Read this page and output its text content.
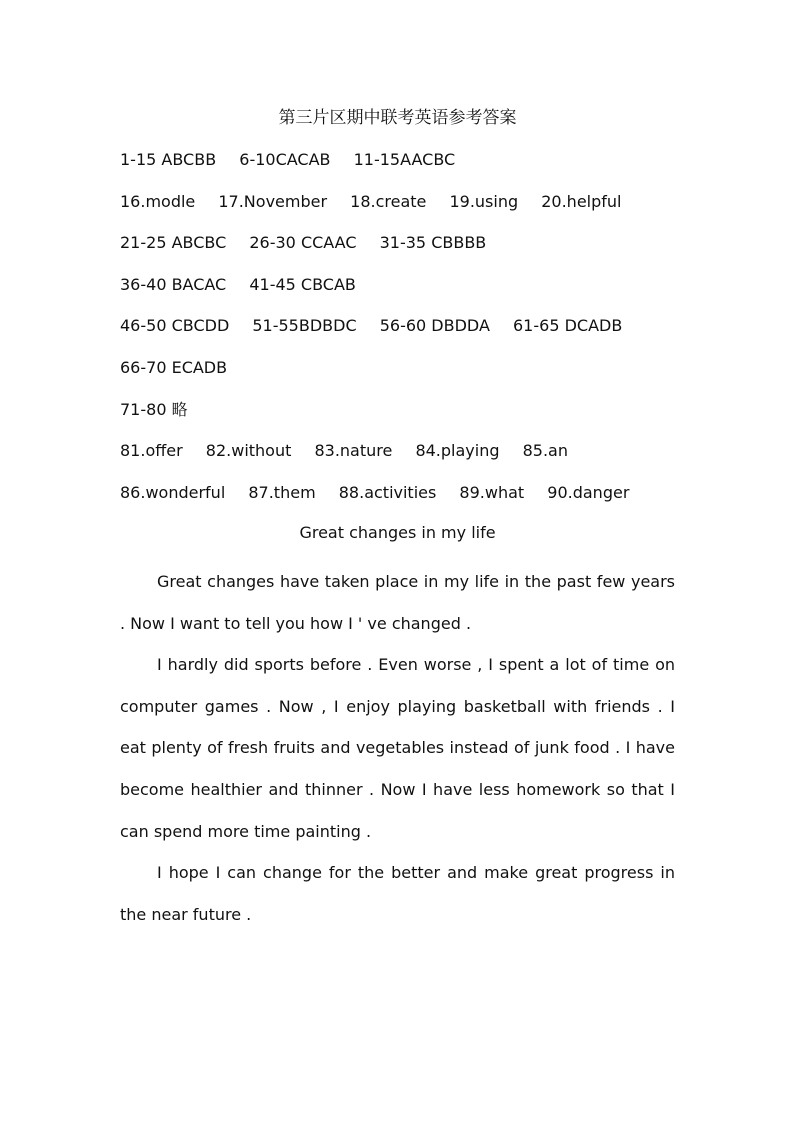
第三片区期中联考英语参考答案
1-15 ABCBB 6-10CACAB 11-15AACBC
16.modle 17.November 18.create 19.using 20.helpful
21-25 ABCBC 26-30 CCAAC 31-35 CBBBB
36-40 BACAC 41-45 CBCAB
46-50 CBCDD 51-55BDBDC 56-60 DBDDA 61-65 DCADB
66-70 ECADB
71-80 略
81.offer 82.without 83.nature 84.playing 85.an
86.wonderful 87.them 88.activities 89.what 90.danger
Great changes in my life

Great changes have taken place in my life in the past few years . Now I want to tell you how I ' ve changed .

I hardly did sports before . Even worse , I spent a lot of time on computer games . Now , I enjoy playing basketball with friends . I eat plenty of fresh fruits and vegetables instead of junk food . I have become healthier and thinner . Now I have less homework so that I can spend more time painting .

I hope I can change for the better and make great progress in the near future .
